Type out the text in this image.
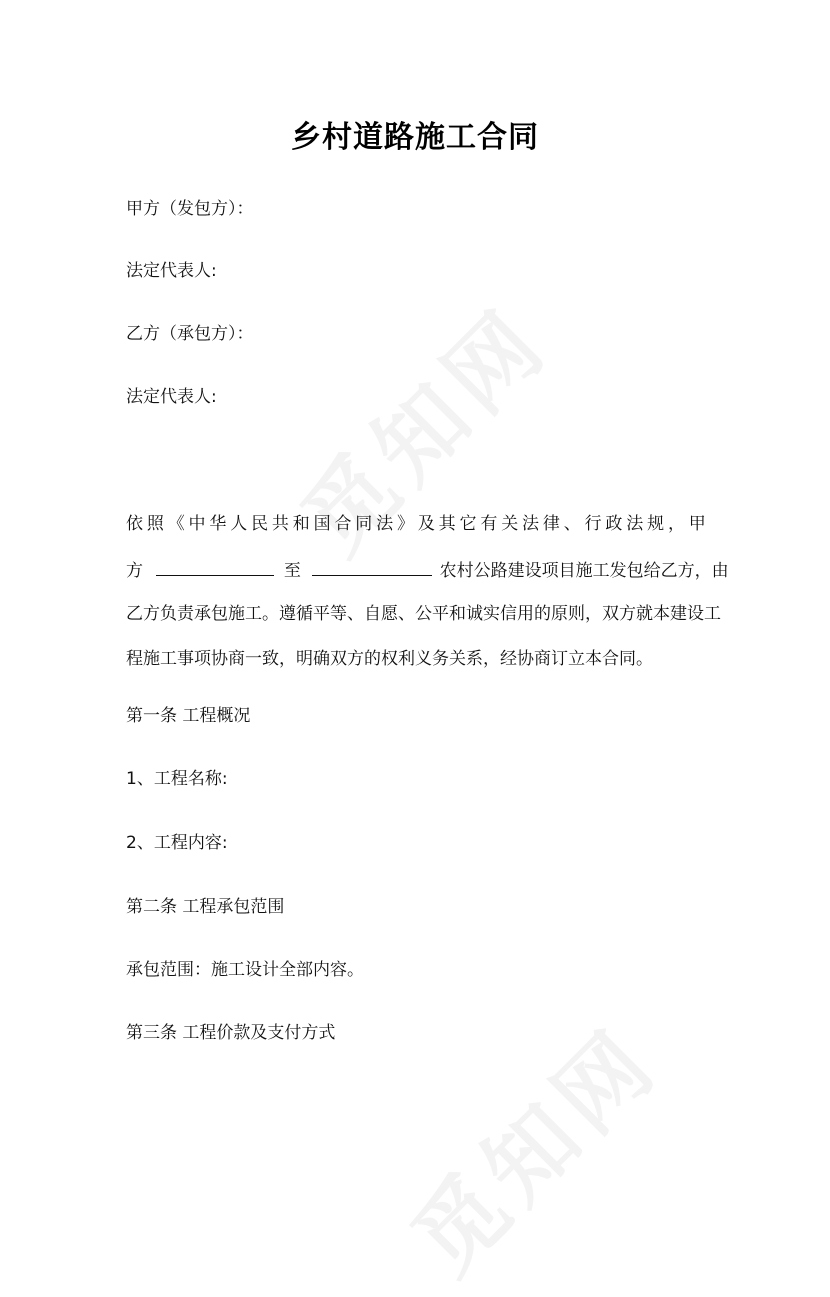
乡村道路施工合同
甲方（发包方）：
法定代表人:
乙方（承包方）：
法定代表人:
依 照 《 中 华 人 民 共 和 国 合 同 法 》 及 其 它 有 关 法 律 、 行 政 法 规 ， 甲
方	至	农村公路建设项目施工发包给乙方，由
乙方负责承包施工。遵循平等、自愿、公平和诚实信用的原则，双方就本建设工
程施工事项协商一致，明确双方的权利义务关系，经协商订立本合同。
第一条 工程概况
1、工程名称:
2、工程内容:
第二条 工程承包范围
承包范围：施工设计全部内容。
第三条 工程价款及支付方式
